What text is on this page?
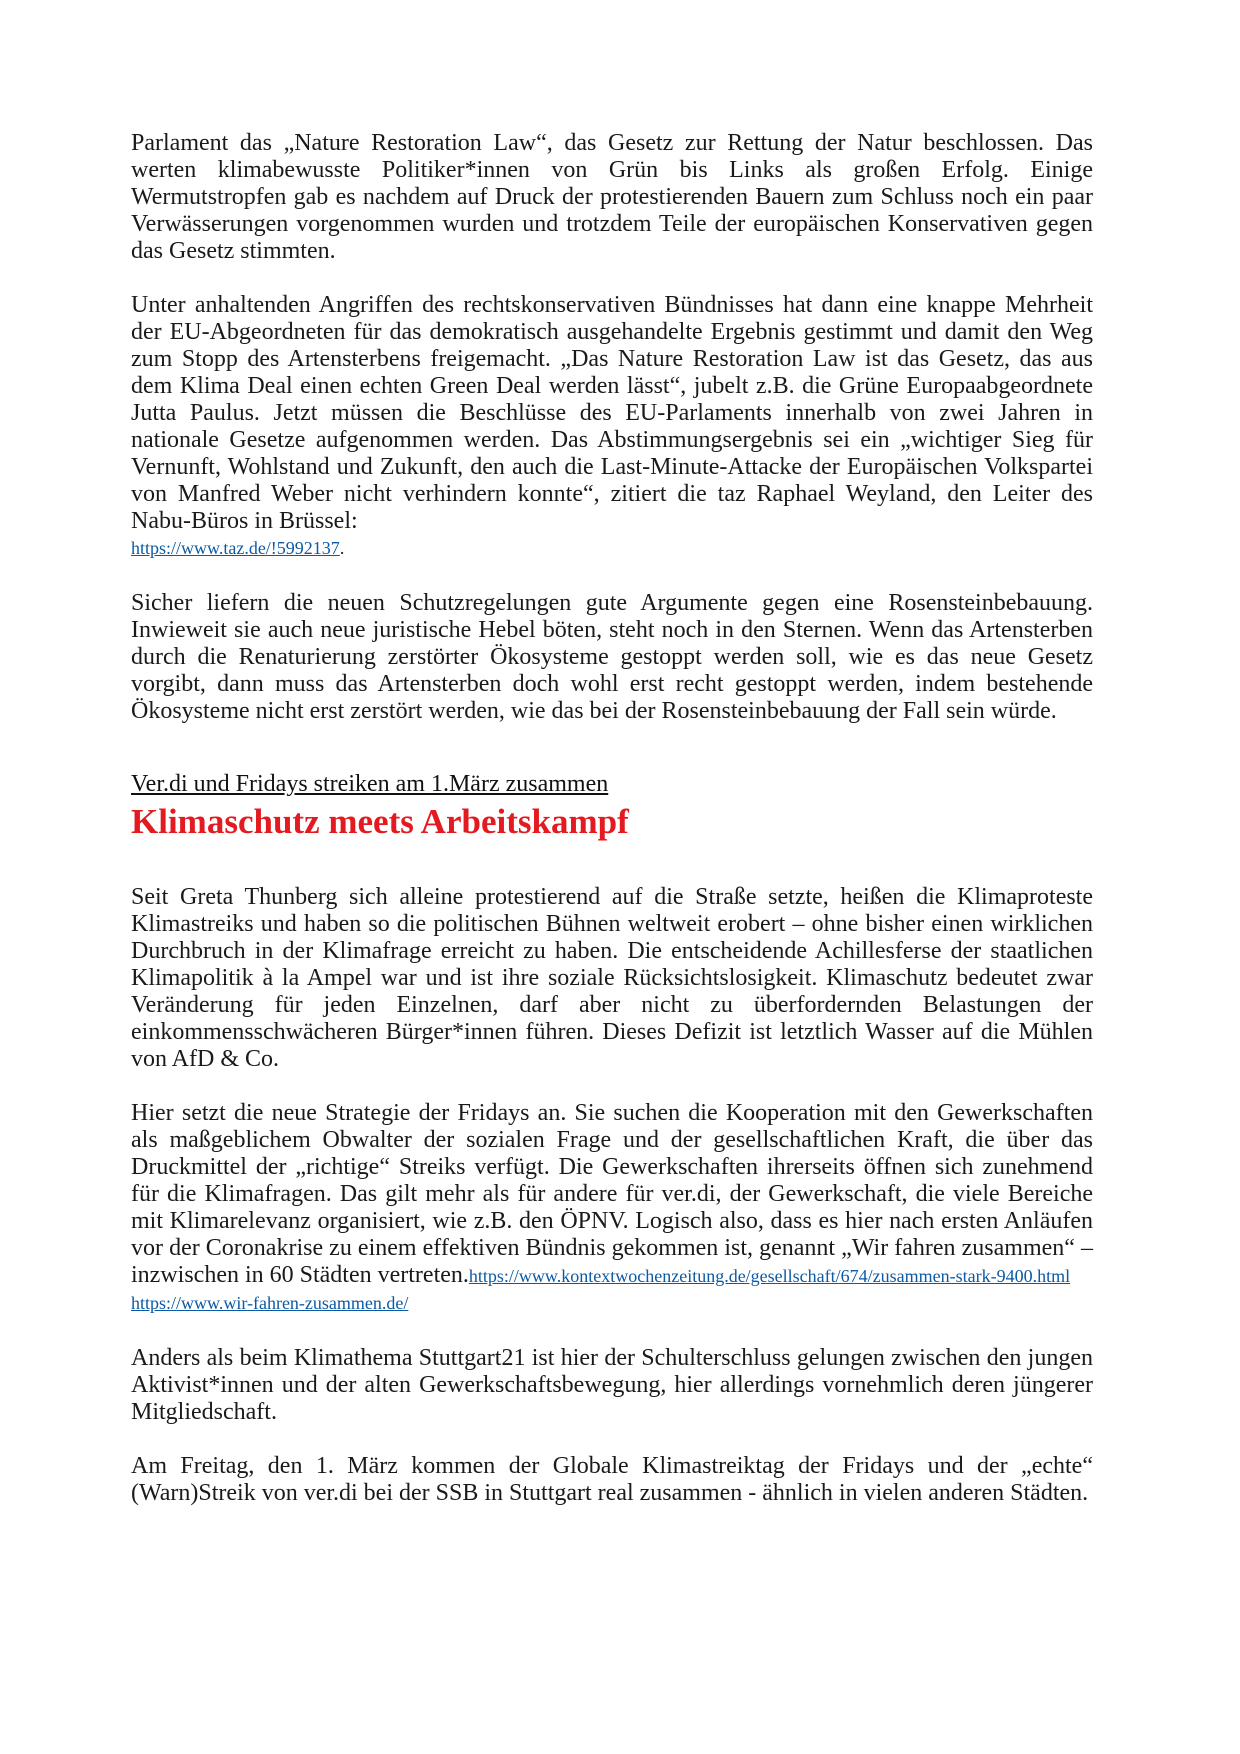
Parlament das „Nature Restoration Law“, das Gesetz zur Rettung der Natur beschlossen. Das werten klimabewusste Politiker*innen von Grün bis Links als großen Erfolg. Einige Wermutstropfen gab es nachdem auf Druck der protestierenden Bauern zum Schluss noch ein paar Verwässerungen vorgenommen wurden und trotzdem Teile der europäischen Konservativen gegen das Gesetz stimmten.

Unter anhaltenden Angriffen des rechtskonservativen Bündnisses hat dann eine knappe Mehrheit der EU-Abgeordneten für das demokratisch ausgehandelte Ergebnis gestimmt und damit den Weg zum Stopp des Artensterbens freigemacht. „Das Nature Restoration Law ist das Gesetz, das aus dem Klima Deal einen echten Green Deal werden lässt“, jubelt z.B. die Grüne Europaabgeordnete Jutta Paulus. Jetzt müssen die Beschlüsse des EU-Parlaments innerhalb von zwei Jahren in nationale Gesetze aufgenommen werden. Das Abstimmungsergebnis sei ein „wichtiger Sieg für Vernunft, Wohlstand und Zukunft, den auch die Last-Minute-Attacke der Europäischen Volkspartei von Manfred Weber nicht verhindern konnte“, zitiert die taz Raphael Weyland, den Leiter des Nabu-Büros in Brüssel:

https://www.taz.de/!5992137.

Sicher liefern die neuen Schutzregelungen gute Argumente gegen eine Rosensteinbebauung. Inwieweit sie auch neue juristische Hebel böten, steht noch in den Sternen. Wenn das Artensterben durch die Renaturierung zerstörter Ökosysteme gestoppt werden soll, wie es das neue Gesetz vorgibt, dann muss das Artensterben doch wohl erst recht gestoppt werden, indem bestehende Ökosysteme nicht erst zerstört werden, wie das bei der Rosensteinbebauung der Fall sein würde.

Ver.di und Fridays streiken am 1.März zusammen
Klimaschutz meets Arbeitskampf

Seit Greta Thunberg sich alleine protestierend auf die Straße setzte, heißen die Klimaproteste Klimastreiks und haben so die politischen Bühnen weltweit erobert – ohne bisher einen wirklichen Durchbruch in der Klimafrage erreicht zu haben. Die entscheidende Achillesferse der staatlichen Klimapolitik à la Ampel war und ist ihre soziale Rücksichtslosigkeit. Klimaschutz bedeutet zwar Veränderung für jeden Einzelnen, darf aber nicht zu überfordernden Belastungen der einkommensschwächeren Bürger*innen führen. Dieses Defizit ist letztlich Wasser auf die Mühlen von AfD & Co.

Hier setzt die neue Strategie der Fridays an. Sie suchen die Kooperation mit den Gewerkschaften als maßgeblichem Obwalter der sozialen Frage und der gesellschaftlichen Kraft, die über das Druckmittel der „richtige“ Streiks verfügt. Die Gewerkschaften ihrerseits öffnen sich zunehmend für die Klimafragen. Das gilt mehr als für andere für ver.di, der Gewerkschaft, die viele Bereiche mit Klimarelevanz organisiert, wie z.B. den ÖPNV. Logisch also, dass es hier nach ersten Anläufen vor der Coronakrise zu einem effektiven Bündnis gekommen ist, genannt „Wir fahren zusammen“ – inzwischen in 60 Städten vertreten.https://www.kontextwochenzeitung.de/gesellschaft/674/zusammen-stark-9400.html

https://www.wir-fahren-zusammen.de/

Anders als beim Klimathema Stuttgart21 ist hier der Schulterschluss gelungen zwischen den jungen Aktivist*innen und der alten Gewerkschaftsbewegung, hier allerdings vornehmlich deren jüngerer Mitgliedschaft.

Am Freitag, den 1. März kommen der Globale Klimastreiktag der Fridays und der „echte“ (Warn)Streik von ver.di bei der SSB in Stuttgart real zusammen - ähnlich in vielen anderen Städten.
